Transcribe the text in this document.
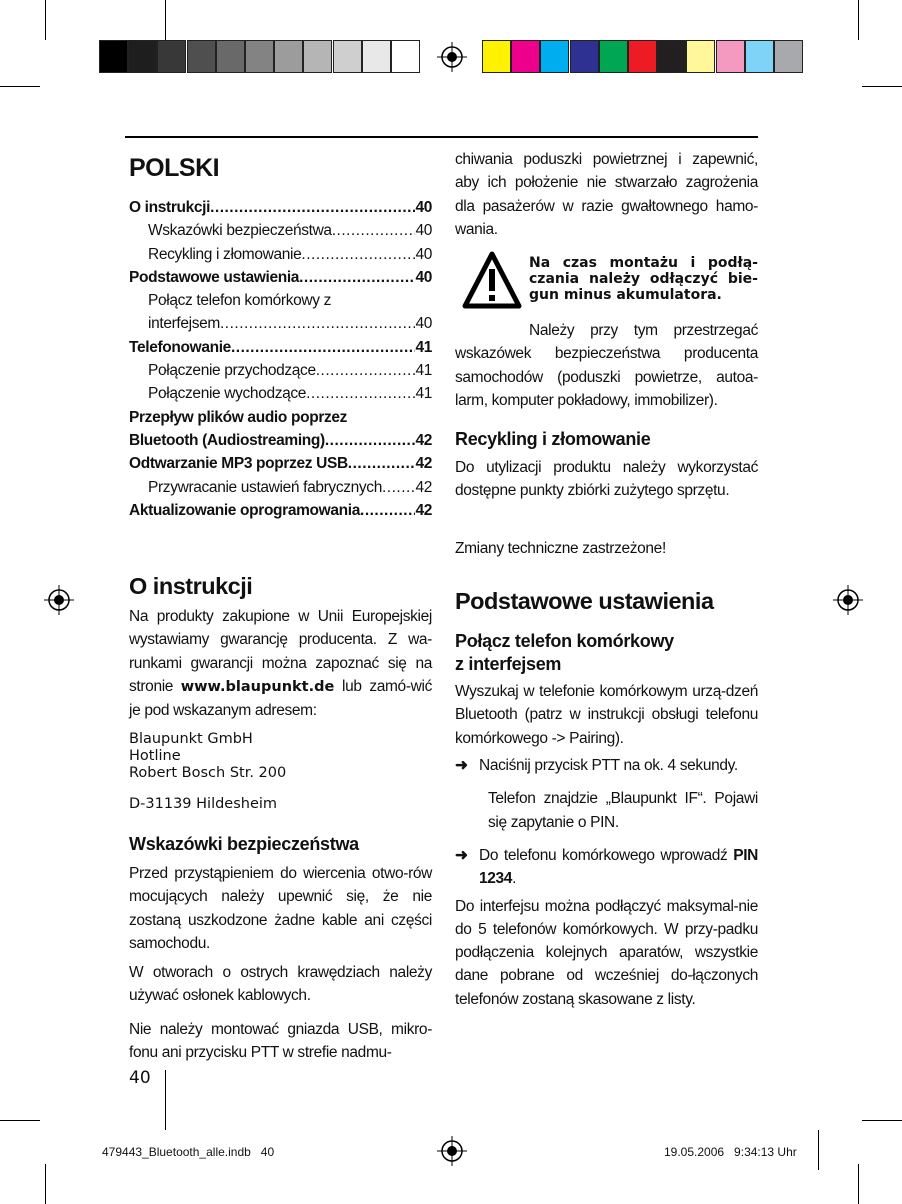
POLSKI
O instrukcji .....	40
Wskazówki bezpieczeństwa .....	40
Recykling i złomowanie .....	40
Podstawowe ustawienia .....	40
Połącz telefon komórkowy z
interfejsem .....	40
Telefonowanie .....	41
Połączenie przychodzące .....	41
Połączenie wychodzące .....	41
Przepływ plików audio poprzez
Bluetooth (Audiostreaming) .....	42
Odtwarzanie MP3 poprzez USB .....	42
Przywracanie ustawień fabrycznych ..... 42
Aktualizowanie oprogramowania .....	42
O instrukcji

Na produkty zakupione w Unii Europejskiej wystawiamy gwarancję producenta. Z wa-runkami gwarancji można zapoznać się na stronie www.blaupunkt.de lub zamó-wić je pod wskazanym adresem:

Blaupunkt GmbH
Hotline
Robert Bosch Str. 200
D-31139 Hildesheim
Wskazówki bezpieczeństwa

Przed przystąpieniem do wiercenia otwo-rów mocujących należy upewnić się, że nie zostaną uszkodzone żadne kable ani części samochodu.

W otworach o ostrych krawędziach należy używać osłonek kablowych.

Nie należy montować gniazda USB, mikro-fonu ani przycisku PTT w strefie nadmu-

40

chiwania poduszki powietrznej i zapewnić, aby ich położenie nie stwarzało zagrożenia dla pasażerów w razie gwałtownego hamo-wania.

Na czas montażu i podłą-czania należy odłączyć bie-gun minus akumulatora.

Należy przy tym przestrzegać wskazówek bezpieczeństwa producenta samochodów (poduszki powietrze, autoa-larm, komputer pokładowy, immobilizer).

Recykling i złomowanie

Do utylizacji produktu należy wykorzystać dostępne punkty zbiórki zużytego sprzętu.

Zmiany techniczne zastrzeżone!

Podstawowe ustawienia
Połącz telefon komórkowy
z interfejsem

Wyszukaj w telefonie komórkowym urzą-dzeń Bluetooth (patrz w instrukcji obsługi telefonu komórkowego -> Pairing).

➜ Naciśnij przycisk PTT na ok. 4 sekundy.

Telefon znajdzie „Blaupunkt IF“. Pojawi się zapytanie o PIN.

➜ Do telefonu komórkowego wprowadź PIN 1234.

Do interfejsu można podłączyć maksymal-nie do 5 telefonów komórkowych. W przy-padku podłączenia kolejnych aparatów, wszystkie dane pobrane od wcześniej do-łączonych telefonów zostaną skasowane z listy.

479443_Bluetooth_alle.indb   40	19.05.2006   9:34:13 Uhr
